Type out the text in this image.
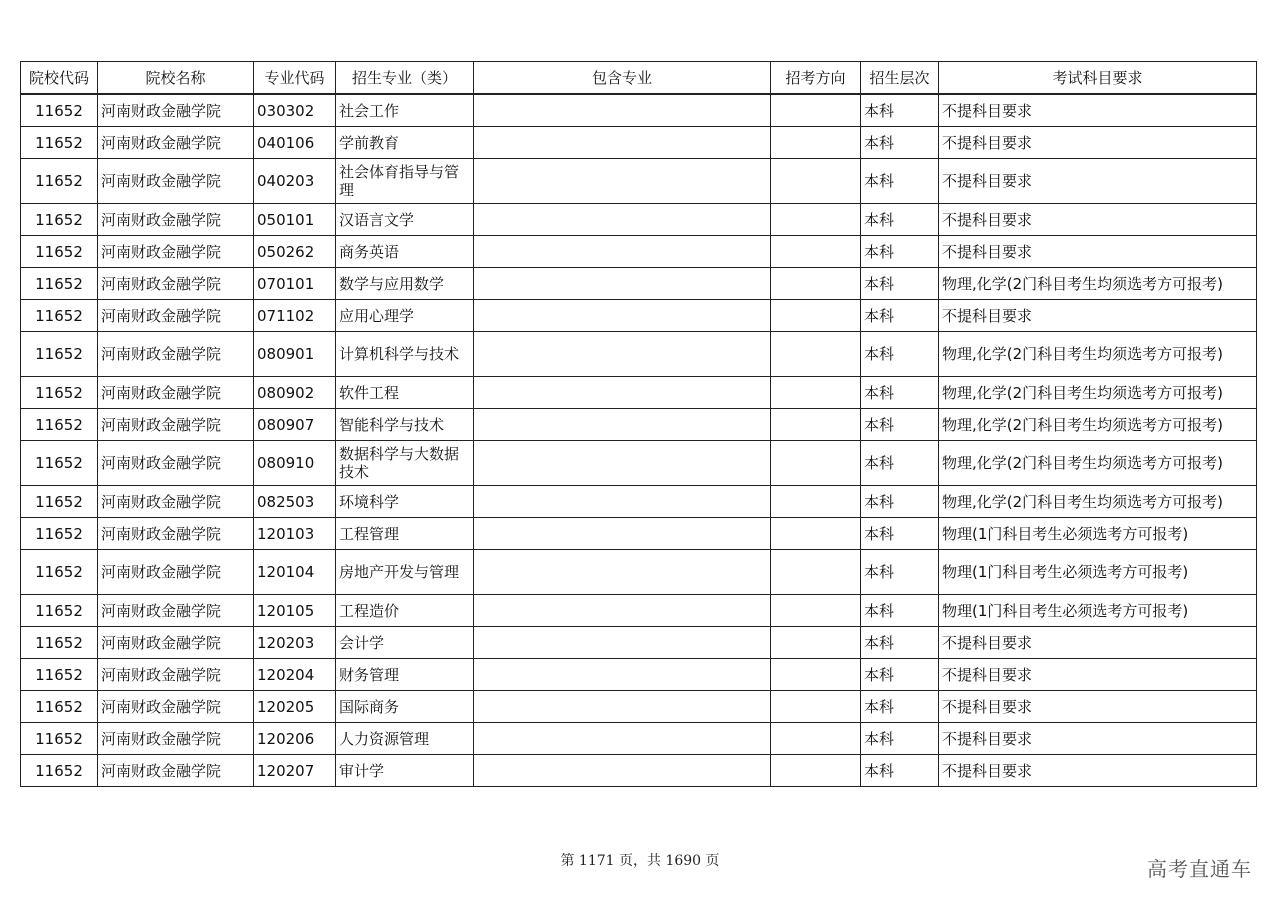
院校代码	院校名称	专业代码	招生专业（类）	包含专业	招考方向	招生层次	考试科目要求
11652	河南财政金融学院	030302	社会工作			本科	不提科目要求
11652	河南财政金融学院	040106	学前教育			本科	不提科目要求
11652	河南财政金融学院	040203	社会体育指导与管理			本科	不提科目要求
11652	河南财政金融学院	050101	汉语言文学			本科	不提科目要求
11652	河南财政金融学院	050262	商务英语			本科	不提科目要求
11652	河南财政金融学院	070101	数学与应用数学			本科	物理,化学(2门科目考生均须选考方可报考)
11652	河南财政金融学院	071102	应用心理学			本科	不提科目要求
11652	河南财政金融学院	080901	计算机科学与技术			本科	物理,化学(2门科目考生均须选考方可报考)
11652	河南财政金融学院	080902	软件工程			本科	物理,化学(2门科目考生均须选考方可报考)
11652	河南财政金融学院	080907	智能科学与技术			本科	物理,化学(2门科目考生均须选考方可报考)
11652	河南财政金融学院	080910	数据科学与大数据技术			本科	物理,化学(2门科目考生均须选考方可报考)
11652	河南财政金融学院	082503	环境科学			本科	物理,化学(2门科目考生均须选考方可报考)
11652	河南财政金融学院	120103	工程管理			本科	物理(1门科目考生必须选考方可报考)
11652	河南财政金融学院	120104	房地产开发与管理			本科	物理(1门科目考生必须选考方可报考)
11652	河南财政金融学院	120105	工程造价			本科	物理(1门科目考生必须选考方可报考)
11652	河南财政金融学院	120203	会计学			本科	不提科目要求
11652	河南财政金融学院	120204	财务管理			本科	不提科目要求
11652	河南财政金融学院	120205	国际商务			本科	不提科目要求
11652	河南财政金融学院	120206	人力资源管理			本科	不提科目要求
11652	河南财政金融学院	120207	审计学			本科	不提科目要求
第 1171 页，共 1690 页	高考直通车
